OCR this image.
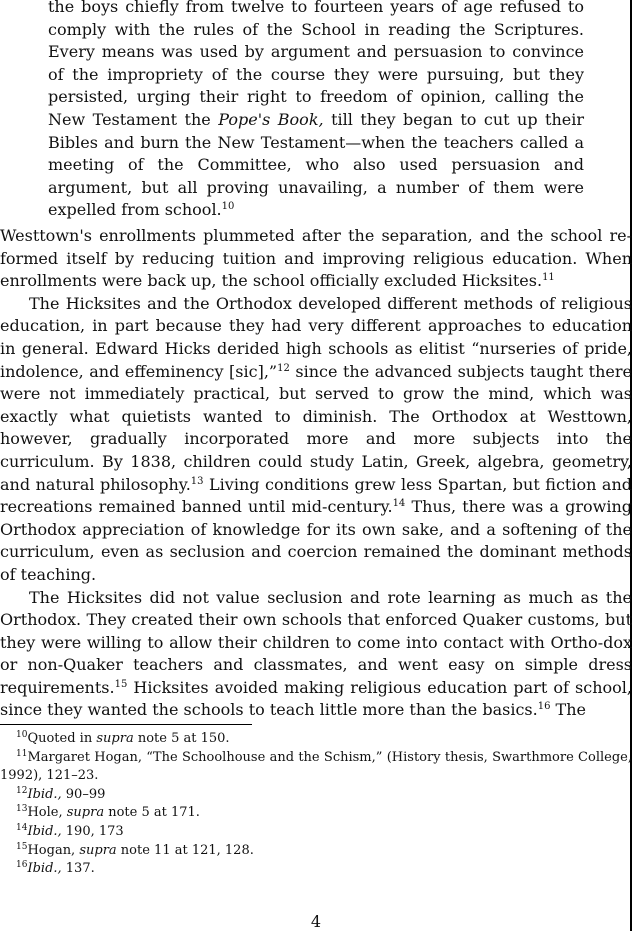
the boys chiefly from twelve to fourteen years of age refused to comply with the rules of the School in reading the Scriptures. Every means was used by argument and persuasion to convince of the impropriety of the course they were pursuing, but they persisted, urging their right to freedom of opinion, calling the New Testament the Pope's Book, till they began to cut up their Bibles and burn the New Testament—when the teachers called a meeting of the Committee, who also used persuasion and argument, but all proving unavailing, a number of them were expelled from school.$^{10}$

Westtown's enrollments plummeted after the separation, and the school re-formed itself by reducing tuition and improving religious education. When enrollments were back up, the school officially excluded Hicksites.$^{11}$

The Hicksites and the Orthodox developed different methods of religious education, in part because they had very different approaches to education in general. Edward Hicks derided high schools as elitist “nurseries of pride, indolence, and effeminency [sic],”$^{12}$ since the advanced subjects taught there were not immediately practical, but served to grow the mind, which was exactly what quietists wanted to diminish. The Orthodox at Westtown, however, gradually incorporated more and more subjects into the curriculum. By 1838, children could study Latin, Greek, algebra, geometry, and natural philosophy.$^{13}$ Living conditions grew less Spartan, but fiction and recreations remained banned until mid-century.$^{14}$ Thus, there was a growing Orthodox appreciation of knowledge for its own sake, and a softening of the curriculum, even as seclusion and coercion remained the dominant methods of teaching.

The Hicksites did not value seclusion and rote learning as much as the Orthodox. They created their own schools that enforced Quaker customs, but they were willing to allow their children to come into contact with Ortho-dox or non-Quaker teachers and classmates, and went easy on simple dress requirements.$^{15}$ Hicksites avoided making religious education part of school, since they wanted the schools to teach little more than the basics.$^{16}$ The

$^{10}$Quoted in supra note 5 at 150.

$^{11}$Margaret Hogan, “The Schoolhouse and the Schism,” (History thesis, Swarthmore College, 1992), 121–23.

$^{12}$Ibid., 90–99

$^{13}$Hole, supra note 5 at 171.

$^{14}$Ibid., 190, 173

$^{15}$Hogan, supra note 11 at 121, 128.

$^{16}$Ibid., 137.

4
